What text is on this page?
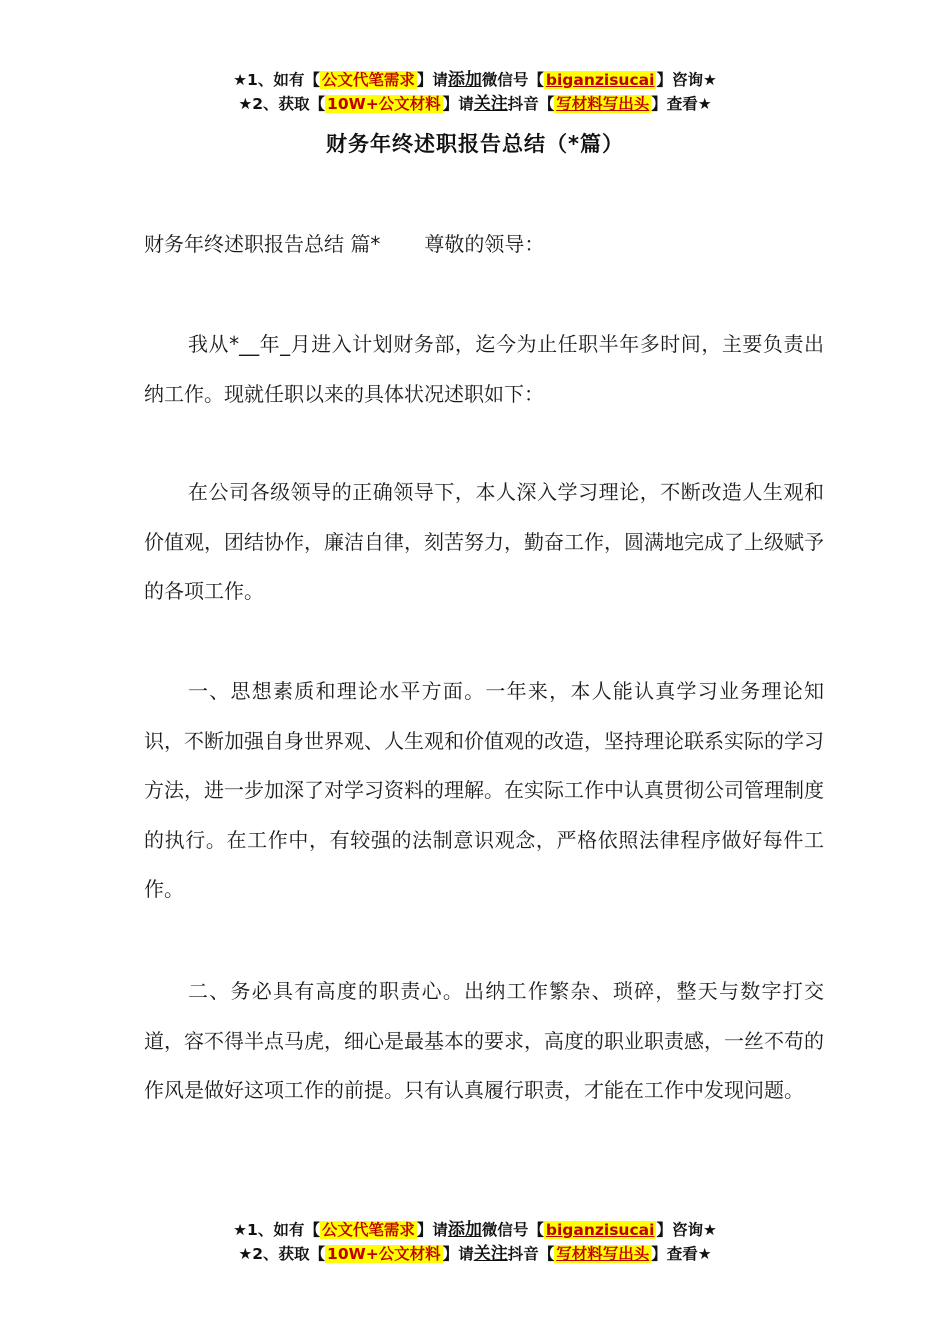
★1、如有【 公文代笔需求 】请添加微信号【 biganzisucai 】咨询★
★2、获取【 10W+公文材料 】请关注抖音【 写材料写出头 】查看★
财务年终述职报告总结（*篇）
财务年终述职报告总结 篇* 尊敬的领导：

我从*__年_月进入计划财务部，迄今为止任职半年多时间，主要负责出纳工作。现就任职以来的具体状况述职如下：

在公司各级领导的正确领导下，本人深入学习理论，不断改造人生观和价值观，团结协作，廉洁自律，刻苦努力，勤奋工作，圆满地完成了上级赋予的各项工作。

一、思想素质和理论水平方面。一年来，本人能认真学习业务理论知识，不断加强自身世界观、人生观和价值观的改造，坚持理论联系实际的学习方法，进一步加深了对学习资料的理解。在实际工作中认真贯彻公司管理制度的执行。在工作中，有较强的法制意识观念，严格依照法律程序做好每件工作。

二、务必具有高度的职责心。出纳工作繁杂、琐碎，整天与数字打交道，容不得半点马虎，细心是最基本的要求，高度的职业职责感，一丝不苟的作风是做好这项工作的前提。只有认真履行职责，才能在工作中发现问题。

★1、如有【 公文代笔需求 】请添加微信号【 biganzisucai 】咨询★
★2、获取【 10W+公文材料 】请关注抖音【 写材料写出头 】查看★
